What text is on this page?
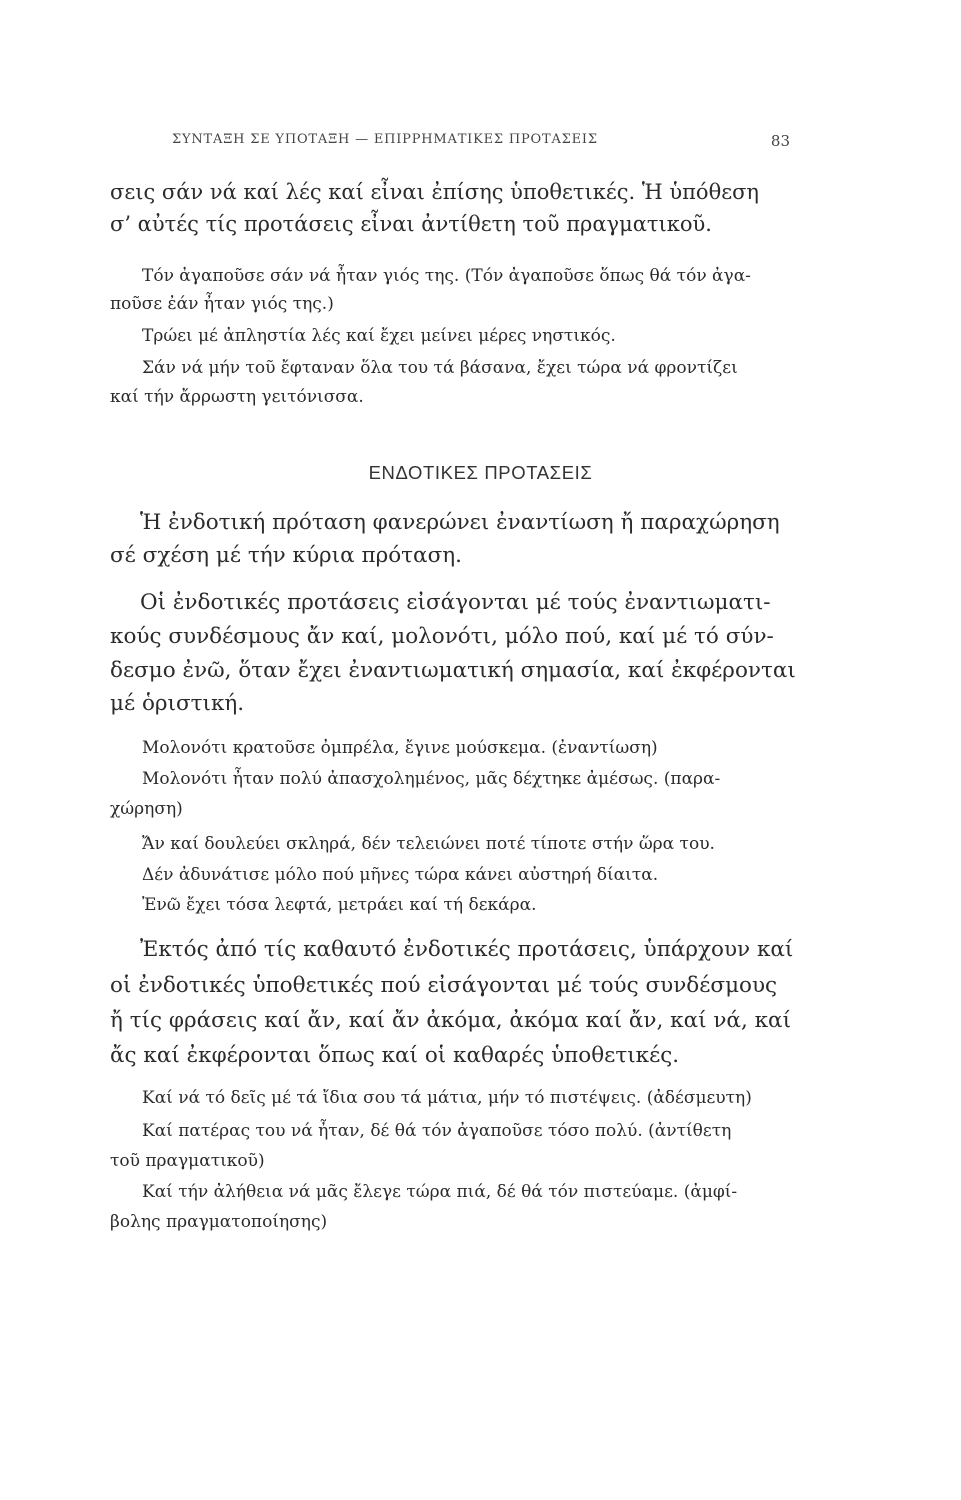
ΣΥΝΤΑΞΗ ΣΕ ΥΠΟΤΑΞΗ — ΕΠΙΡΡΗΜΑΤΙΚΕΣ ΠΡΟΤΑΣΕΙΣ	83
σεις σάν νά καί λές καί εἶναι ἐπίσης ὑποθετικές. Ἡ ὑπόθεση
σ’ αὐτές τίς προτάσεις εἶναι ἀντίθετη τοῦ πραγματικοῦ.
Τόν ἀγαποῦσε σάν νά ἦταν γιός της. (Τόν ἀγαποῦσε ὅπως θά τόν ἀγα-
ποῦσε ἐάν ἦταν γιός της.)
Τρώει μέ ἀπληστία λές καί ἔχει μείνει μέρες νηστικός.
Σάν νά μήν τοῦ ἔφταναν ὅλα του τά βάσανα, ἔχει τώρα νά φροντίζει
καί τήν ἄρρωστη γειτόνισσα.
ΕΝΔΟΤΙΚΕΣ ΠΡΟΤΑΣΕΙΣ
Ἡ ἐνδοτική πρόταση φανερώνει ἐναντίωση ἤ παραχώρηση
σέ σχέση μέ τήν κύρια πρόταση.
Οἱ ἐνδοτικές προτάσεις εἰσάγονται μέ τούς ἐναντιωματι-
κούς συνδέσμους ἄν καί, μολονότι, μόλο πού, καί μέ τό σύν-
δεσμο ἐνῶ, ὅταν ἔχει ἐναντιωματική σημασία, καί ἐκφέρονται
μέ ὁριστική.
Μολονότι κρατοῦσε ὀμπρέλα, ἔγινε μούσκεμα. (ἐναντίωση)
Μολονότι ἦταν πολύ ἀπασχολημένος, μᾶς δέχτηκε ἀμέσως. (παρα-
χώρηση)
Ἄν καί δουλεύει σκληρά, δέν τελειώνει ποτέ τίποτε στήν ὥρα του.
Δέν ἀδυνάτισε μόλο πού μῆνες τώρα κάνει αὐστηρή δίαιτα.
Ἐνῶ ἔχει τόσα λεφτά, μετράει καί τή δεκάρα.
Ἐκτός ἀπό τίς καθαυτό ἐνδοτικές προτάσεις, ὑπάρχουν καί
οἱ ἐνδοτικές ὑποθετικές πού εἰσάγονται μέ τούς συνδέσμους
ἤ τίς φράσεις καί ἄν, καί ἄν ἀκόμα, ἀκόμα καί ἄν, καί νά, καί
ἄς καί ἐκφέρονται ὅπως καί οἱ καθαρές ὑποθετικές.
Καί νά τό δεῖς μέ τά ἴδια σου τά μάτια, μήν τό πιστέψεις. (ἀδέσμευτη)
Καί πατέρας του νά ἦταν, δέ θά τόν ἀγαποῦσε τόσο πολύ. (ἀντίθετη
τοῦ πραγματικοῦ)
Καί τήν ἀλήθεια νά μᾶς ἔλεγε τώρα πιά, δέ θά τόν πιστεύαμε. (ἀμφί-
βολης πραγματοποίησης)
